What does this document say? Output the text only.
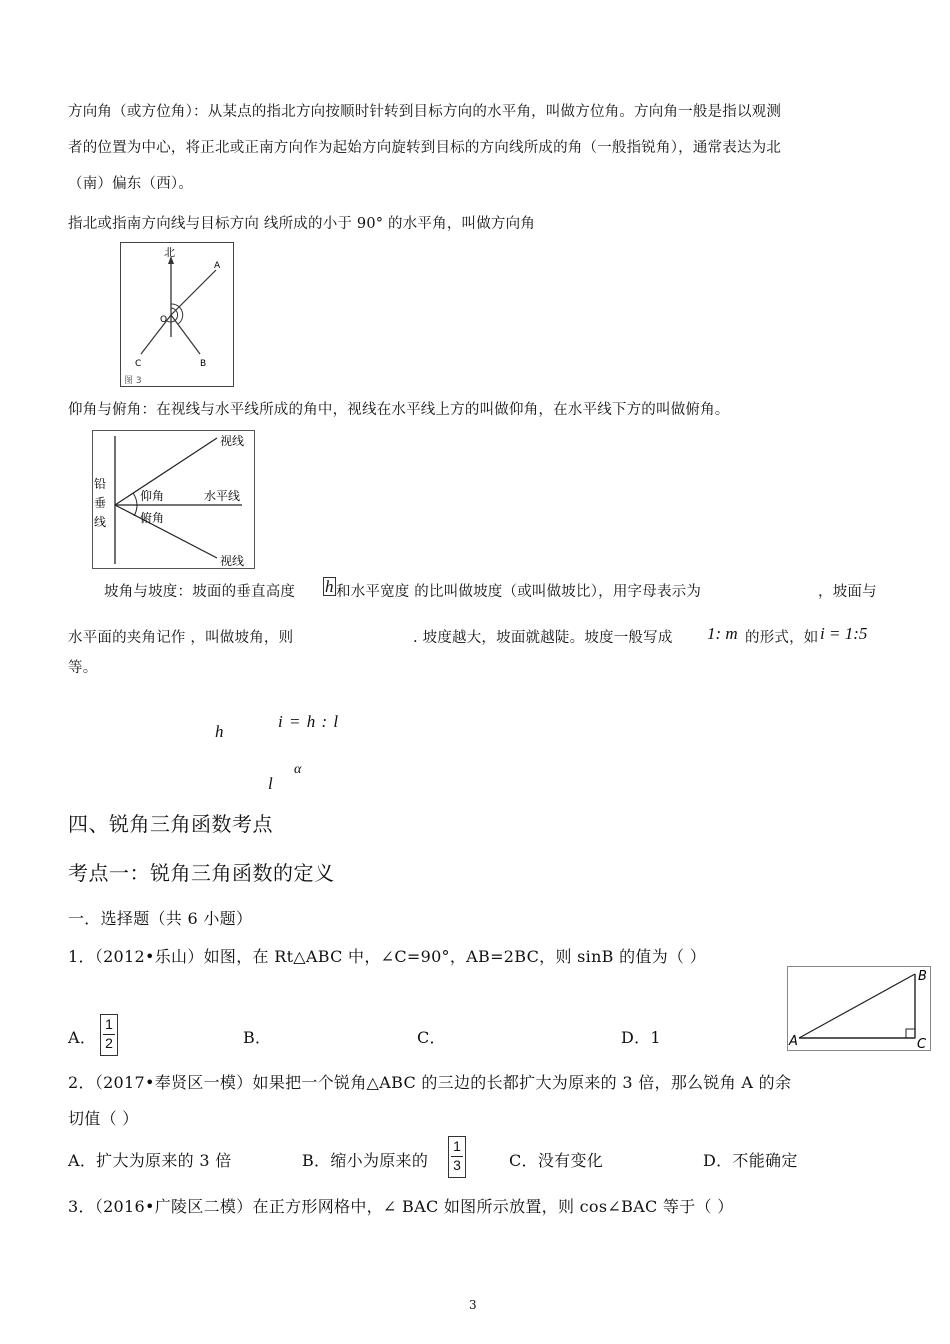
方向角（或方位角）：从某点的指北方向按顺时针转到目标方向的水平角，叫做方位角。方向角一般是指以观测
者的位置为中心，将正北或正南方向作为起始方向旋转到目标的方向线所成的角（一般指锐角），通常表达为北
（南）偏东（西）。
指北或指南方向线与目标方向 线所成的小于 90° 的水平角，叫做方向角
北
A
B
C
O
图 3
仰角与俯角：在视线与水平线所成的角中，视线在水平线上方的叫做仰角，在水平线下方的叫做俯角。
铅
垂
线
视线
视线
水平线
仰角
俯角
坡角与坡度：坡面的垂直高度 h 和水平宽度 的比叫做坡度（或叫做坡比），用字母表示为	，坡面与
水平面的夹角记作 ，叫做坡角，则	. 坡度越大，坡面就越陡。坡度一般写成 1: m 的形式，如 i = 1:5
等。
h
i = h : l
l
α
四、锐角三角函数考点
考点一：锐角三角函数的定义
一．选择题（共 6 小题）
1．（2012•乐山）如图，在 Rt△ABC 中，∠C=90°，AB=2BC，则 sinB 的值为（ ）
A．
1
2	B．	C．	D．1	A
B
C
2．（2017•奉贤区一模）如果把一个锐角△ABC 的三边的长都扩大为原来的 3 倍，那么锐角 A 的余
切值（ ）
A．扩大为原来的 3 倍	B．缩小为原来的
1
3	C．没有变化	D．不能确定
3．（2016•广陵区二模）在正方形网格中，∠ BAC 如图所示放置，则 cos∠BAC 等于（ ）
3
